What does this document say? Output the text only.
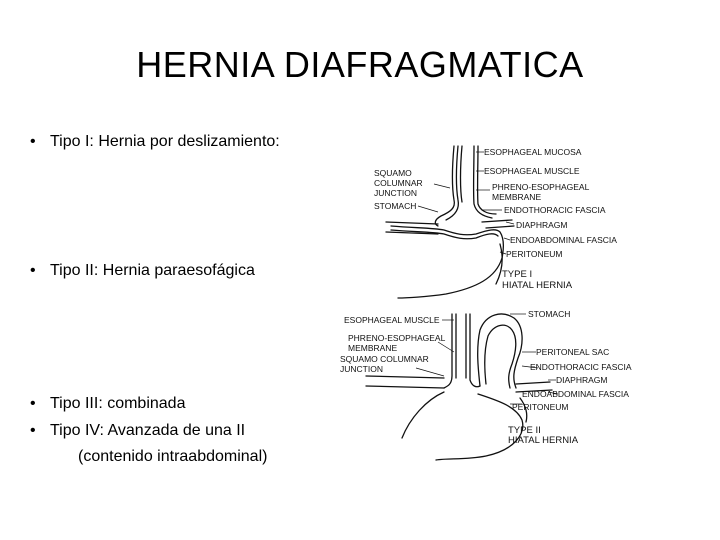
HERNIA DIAFRAGMATICA
• Tipo I: Hernia por deslizamiento:
• Tipo II: Hernia paraesofágica
• Tipo III: combinada
• Tipo IV: Avanzada de una II
(contenido intraabdominal)
ESOPHAGEAL MUCOSA
ESOPHAGEAL MUSCLE
SQUAMO
COLUMNAR
JUNCTION
STOMACH
PHRENO-ESOPHAGEAL
MEMBRANE
ENDOTHORACIC FASCIA
DIAPHRAGM
ENDOABDOMINAL FASCIA
PERITONEUM
TYPE I
HIATAL HERNIA
ESOPHAGEAL MUSCLE
STOMACH
PHRENO-ESOPHAGEAL
MEMBRANE
SQUAMO COLUMNAR
JUNCTION
PERITONEAL SAC
ENDOTHORACIC FASCIA
DIAPHRAGM
ENDOABDOMINAL FASCIA
PERITONEUM
TYPE II
HIATAL HERNIA
